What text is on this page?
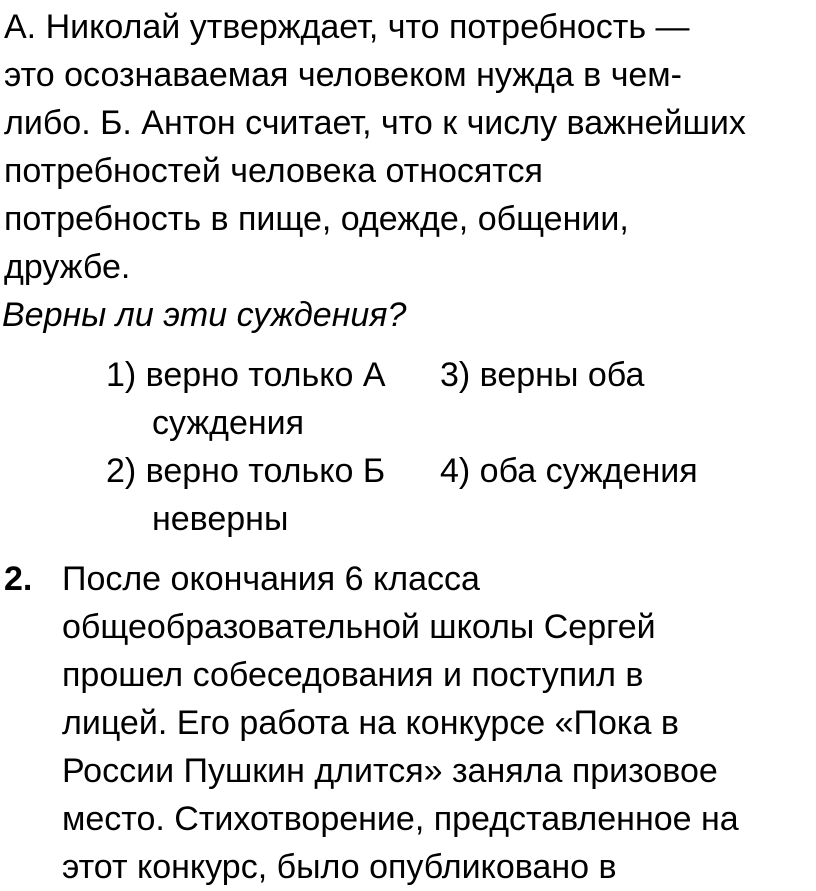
А. Николай утверждает, что потребность —
это осознаваемая человеком нужда в чем-
либо. Б. Антон считает, что к числу важнейших
потребностей человека относятся
потребность в пище, одежде, общении,
дружбе.
Верны ли эти суждения?
1) верно только А	3) верны оба
суждения
2) верно только Б	4) оба суждения
неверны
2. После окончания 6 класса
общеобразовательной школы Сергей
прошел собеседования и поступил в
лицей. Его работа на конкурсе «Пока в
России Пушкин длится» заняла призовое
место. Стихотворение, представленное на
этот конкурс, было опубликовано в
